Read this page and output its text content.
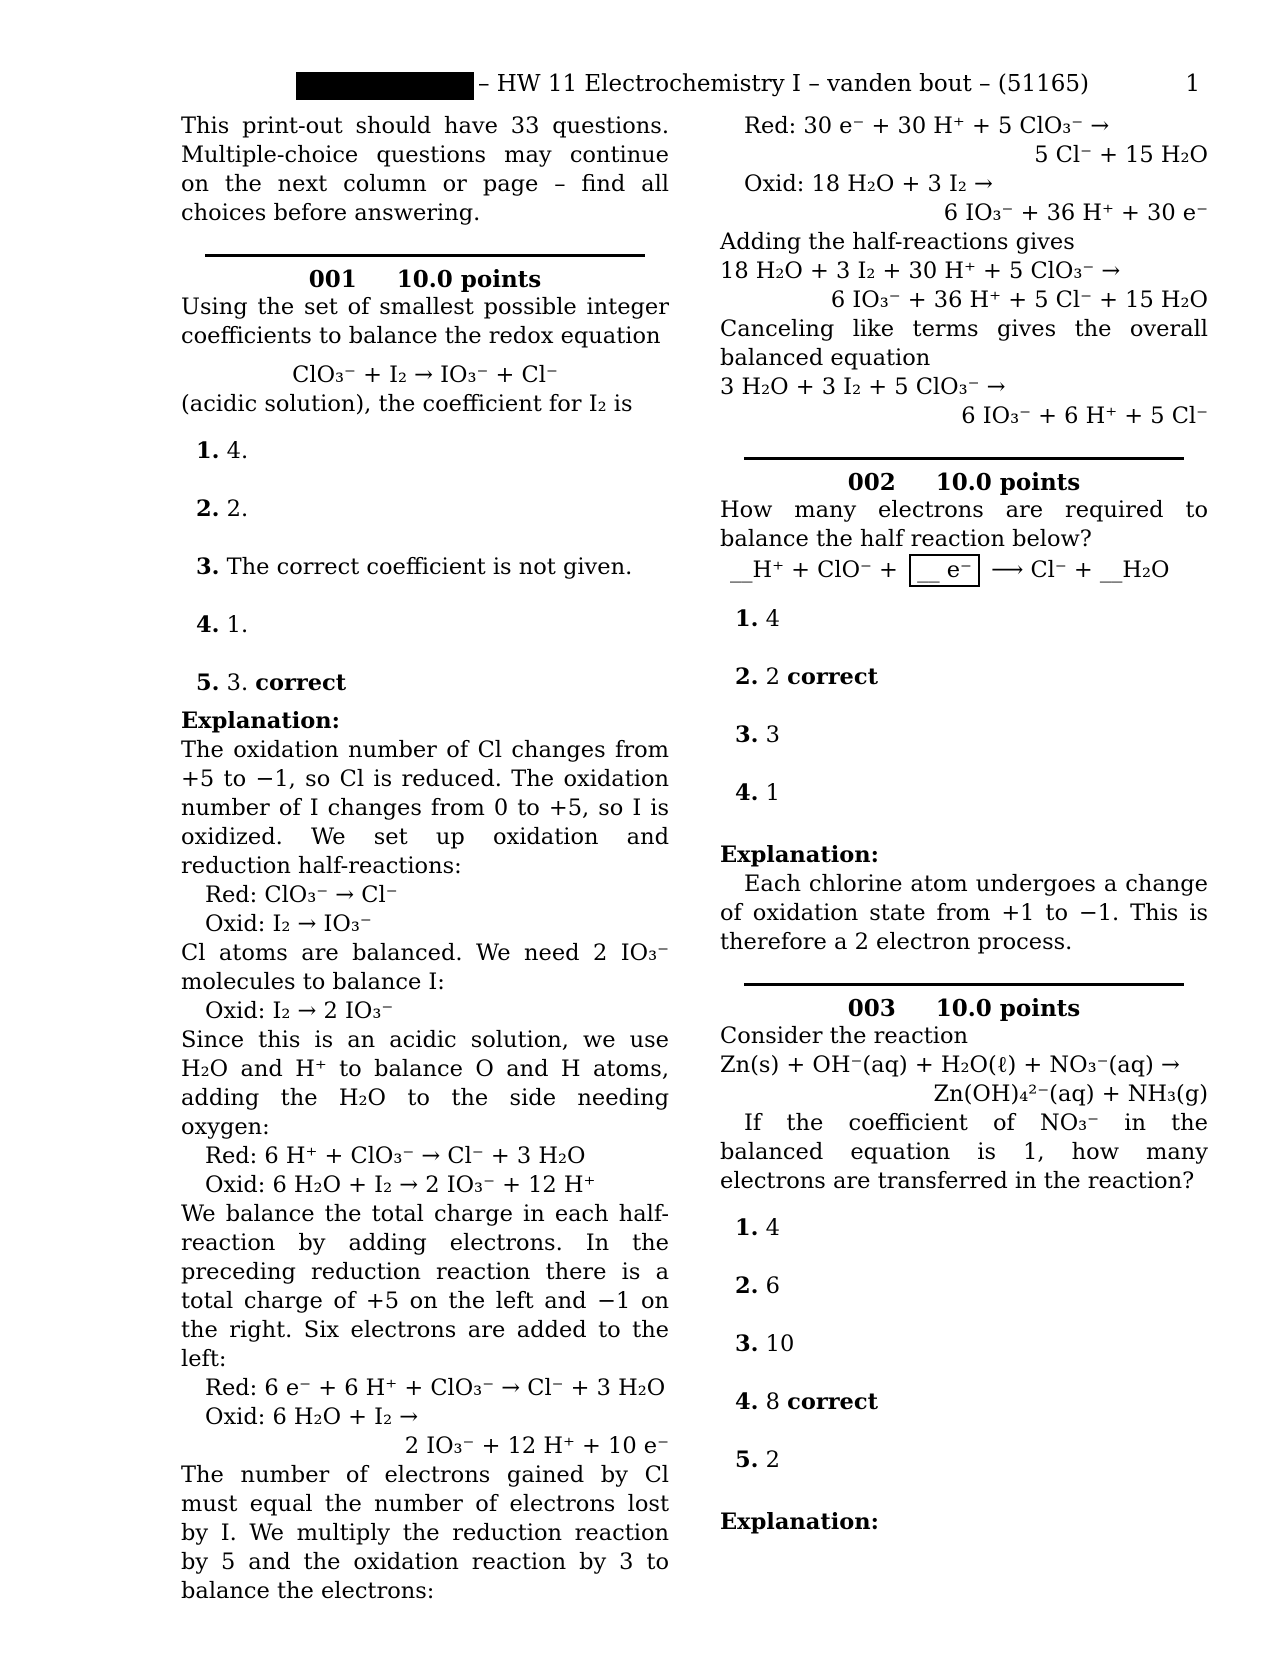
– HW 11 Electrochemistry I – vanden bout – (51165)	1

This print-out should have 33 questions. Multiple-choice questions may continue on the next column or page – find all choices before answering.

001 10.0 points

Using the set of smallest possible integer coefficients to balance the redox equation

ClO₃⁻ + I₂ → IO₃⁻ + Cl⁻

(acidic solution), the coefficient for I₂ is

1. 4.
2. 2.
3. The correct coefficient is not given.
4. 1.
5. 3. correct
Explanation:

The oxidation number of Cl changes from +5 to −1, so Cl is reduced. The oxidation number of I changes from 0 to +5, so I is oxidized. We set up oxidation and reduction half-reactions:

Red: ClO₃⁻ → Cl⁻
Oxid: I₂ → IO₃⁻

Cl atoms are balanced. We need 2 IO₃⁻ molecules to balance I:

Oxid: I₂ → 2 IO₃⁻

Since this is an acidic solution, we use H₂O and H⁺ to balance O and H atoms, adding the H₂O to the side needing oxygen:

Red: 6 H⁺ + ClO₃⁻ → Cl⁻ + 3 H₂O
Oxid: 6 H₂O + I₂ → 2 IO₃⁻ + 12 H⁺

We balance the total charge in each half-reaction by adding electrons. In the preceding reduction reaction there is a total charge of +5 on the left and −1 on the right. Six electrons are added to the left:

Red: 6 e⁻ + 6 H⁺ + ClO₃⁻ → Cl⁻ + 3 H₂O
Oxid: 6 H₂O + I₂ →
2 IO₃⁻ + 12 H⁺ + 10 e⁻

The number of electrons gained by Cl must equal the number of electrons lost by I. We multiply the reduction reaction by 5 and the oxidation reaction by 3 to balance the electrons:

Red: 30 e⁻ + 30 H⁺ + 5 ClO₃⁻ →
5 Cl⁻ + 15 H₂O
Oxid: 18 H₂O + 3 I₂ →
6 IO₃⁻ + 36 H⁺ + 30 e⁻
Adding the half-reactions gives
18 H₂O + 3 I₂ + 30 H⁺ + 5 ClO₃⁻ →
6 IO₃⁻ + 36 H⁺ + 5 Cl⁻ + 15 H₂O

Canceling like terms gives the overall balanced equation

3 H₂O + 3 I₂ + 5 ClO₃⁻ →
6 IO₃⁻ + 6 H⁺ + 5 Cl⁻
002 10.0 points

How many electrons are required to balance the half reaction below?

__H⁺ + ClO⁻ + __ e⁻ ⟶ Cl⁻ + __H₂O
1. 4
2. 2 correct
3. 3
4. 1
Explanation:

Each chlorine atom undergoes a change of oxidation state from +1 to −1. This is therefore a 2 electron process.

003 10.0 points

Consider the reaction

Zn(s) + OH⁻(aq) + H₂O(ℓ) + NO₃⁻(aq) →
Zn(OH)₄²⁻(aq) + NH₃(g)

If the coefficient of NO₃⁻ in the balanced equation is 1, how many electrons are transferred in the reaction?

1. 4
2. 6
3. 10
4. 8 correct
5. 2
Explanation:
